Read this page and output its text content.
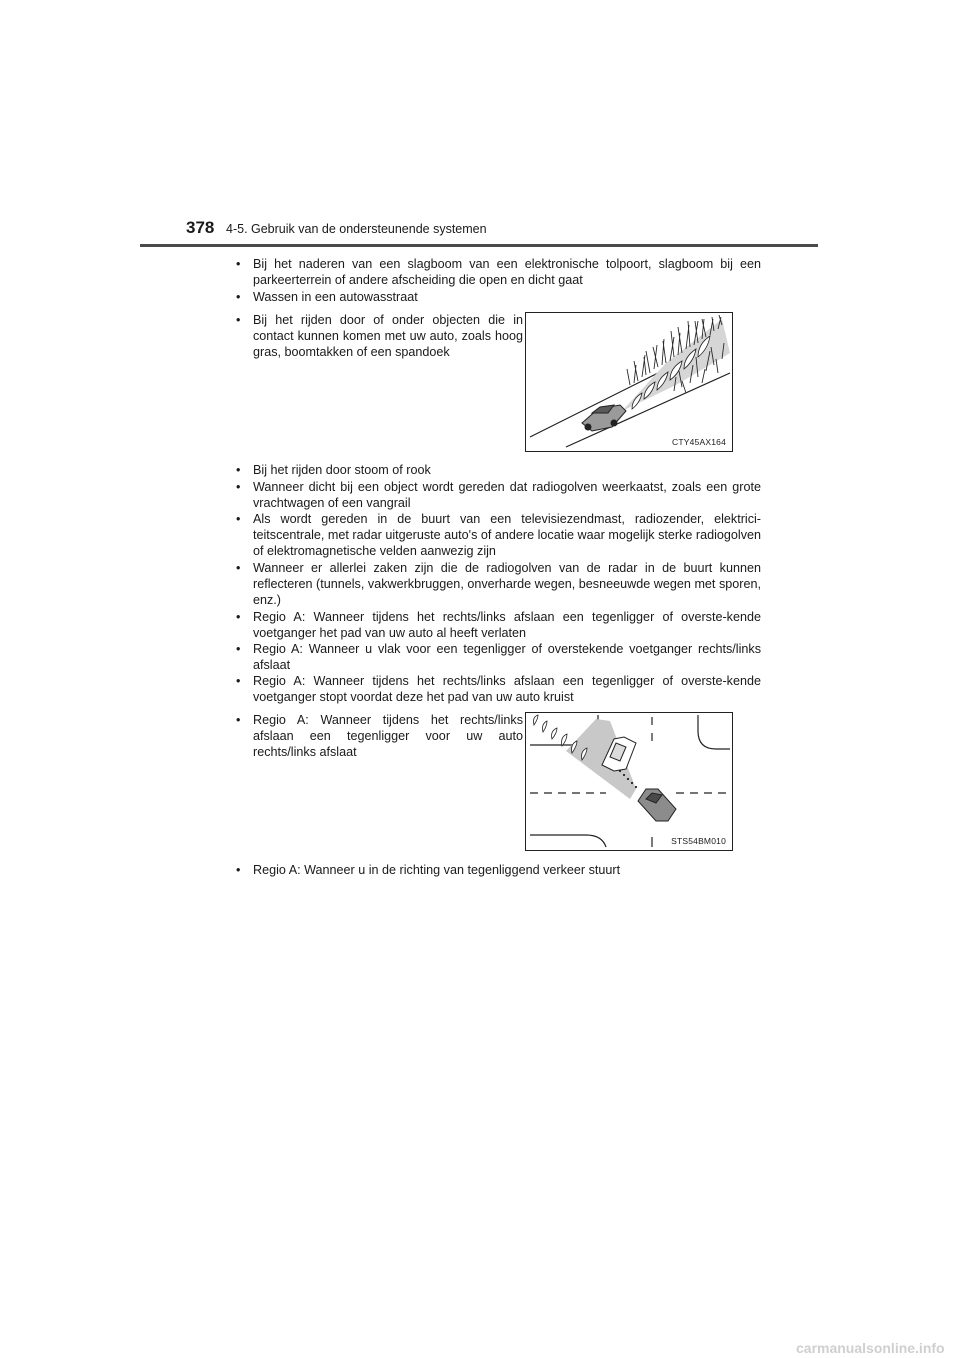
378 4-5. Gebruik van de ondersteunende systemen

• Bij het naderen van een slagboom van een elektronische tolpoort, slagboom bij een parkeerterrein of andere afscheiding die open en dicht gaat

• Wassen in een autowasstraat

• Bij het rijden door of onder objecten die in contact kunnen komen met uw auto, zoals hoog gras, boomtakken of een spandoek

CTY45AX164

• Bij het rijden door stoom of rook

• Wanneer dicht bij een object wordt gereden dat radiogolven weerkaatst, zoals een grote vrachtwagen of een vangrail

• Als wordt gereden in de buurt van een televisiezendmast, radiozender, elektrici-teitscentrale, met radar uitgeruste auto's of andere locatie waar mogelijk sterke radiogolven of elektromagnetische velden aanwezig zijn

• Wanneer er allerlei zaken zijn die de radiogolven van de radar in de buurt kunnen reflecteren (tunnels, vakwerkbruggen, onverharde wegen, besneeuwde wegen met sporen, enz.)

• Regio A: Wanneer tijdens het rechts/links afslaan een tegenligger of overste-kende voetganger het pad van uw auto al heeft verlaten

• Regio A: Wanneer u vlak voor een tegenligger of overstekende voetganger rechts/links afslaat

• Regio A: Wanneer tijdens het rechts/links afslaan een tegenligger of overste-kende voetganger stopt voordat deze het pad van uw auto kruist

• Regio A: Wanneer tijdens het rechts/links afslaan een tegenligger voor uw auto rechts/links afslaat

STS54BM010

• Regio A: Wanneer u in de richting van tegenliggend verkeer stuurt

carmanualsonline.info
